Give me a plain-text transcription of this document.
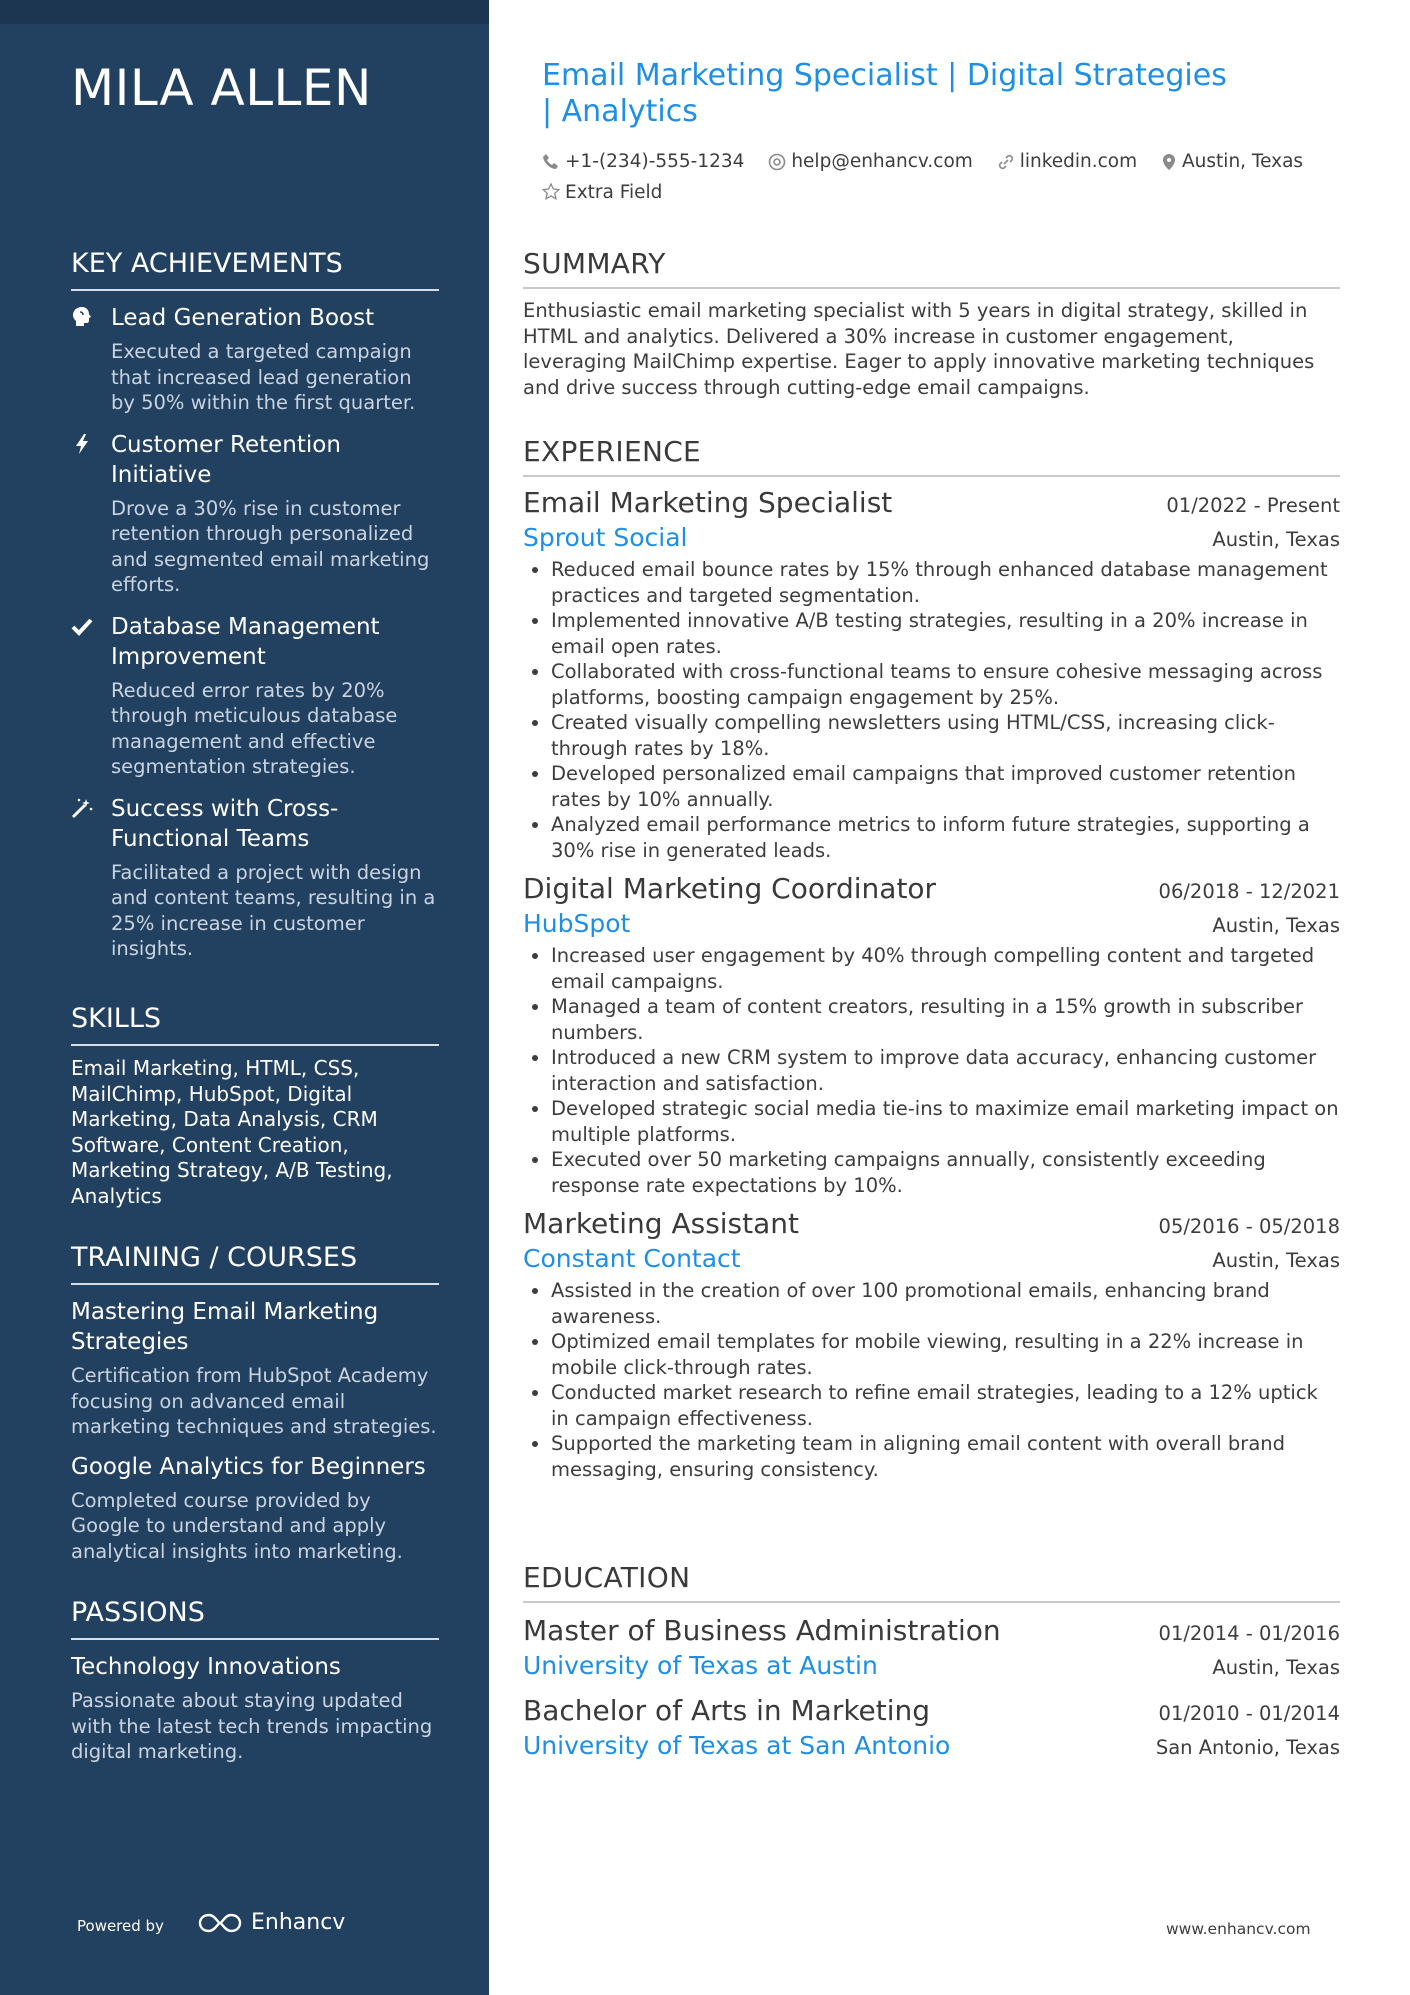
MILA ALLEN
KEY ACHIEVEMENTS
Lead Generation Boost
Executed a targeted campaign that increased lead generation by 50% within the first quarter.
Customer Retention Initiative
Drove a 30% rise in customer retention through personalized and segmented email marketing efforts.
Database Management Improvement
Reduced error rates by 20% through meticulous database management and effective segmentation strategies.
Success with Cross-Functional Teams
Facilitated a project with design and content teams, resulting in a 25% increase in customer insights.
SKILLS
Email Marketing, HTML, CSS, MailChimp, HubSpot, Digital Marketing, Data Analysis, CRM Software, Content Creation, Marketing Strategy, A/B Testing, Analytics
TRAINING / COURSES
Mastering Email Marketing Strategies
Certification from HubSpot Academy focusing on advanced email marketing techniques and strategies.
Google Analytics for Beginners
Completed course provided by Google to understand and apply analytical insights into marketing.
PASSIONS
Technology Innovations
Passionate about staying updated with the latest tech trends impacting digital marketing.
Powered by	Enhancv
Email Marketing Specialist | Digital Strategies | Analytics
+1-(234)-555-1234
	help@enhancv.com
	linkedin.com
Austin, Texas

Extra Field
SUMMARY
Enthusiastic email marketing specialist with 5 years in digital strategy, skilled in HTML and analytics. Delivered a 30% increase in customer engagement, leveraging MailChimp expertise. Eager to apply innovative marketing techniques and drive success through cutting-edge email campaigns.
EXPERIENCE
Email Marketing Specialist	01/2022 - Present
Sprout Social	Austin, Texas
• Reduced email bounce rates by 15% through enhanced database management practices and targeted segmentation.
• Implemented innovative A/B testing strategies, resulting in a 20% increase in email open rates.
• Collaborated with cross-functional teams to ensure cohesive messaging across platforms, boosting campaign engagement by 25%.
• Created visually compelling newsletters using HTML/CSS, increasing click-through rates by 18%.
• Developed personalized email campaigns that improved customer retention rates by 10% annually.
• Analyzed email performance metrics to inform future strategies, supporting a 30% rise in generated leads.
Digital Marketing Coordinator	06/2018 - 12/2021
HubSpot	Austin, Texas
• Increased user engagement by 40% through compelling content and targeted email campaigns.
• Managed a team of content creators, resulting in a 15% growth in subscriber numbers.
• Introduced a new CRM system to improve data accuracy, enhancing customer interaction and satisfaction.
• Developed strategic social media tie-ins to maximize email marketing impact on multiple platforms.
• Executed over 50 marketing campaigns annually, consistently exceeding response rate expectations by 10%.
Marketing Assistant	05/2016 - 05/2018
Constant Contact	Austin, Texas
• Assisted in the creation of over 100 promotional emails, enhancing brand awareness.
• Optimized email templates for mobile viewing, resulting in a 22% increase in mobile click-through rates.
• Conducted market research to refine email strategies, leading to a 12% uptick in campaign effectiveness.
• Supported the marketing team in aligning email content with overall brand messaging, ensuring consistency.
EDUCATION
Master of Business Administration	01/2014 - 01/2016
University of Texas at Austin	Austin, Texas
Bachelor of Arts in Marketing	01/2010 - 01/2014
University of Texas at San Antonio	San Antonio, Texas
www.enhancv.com
